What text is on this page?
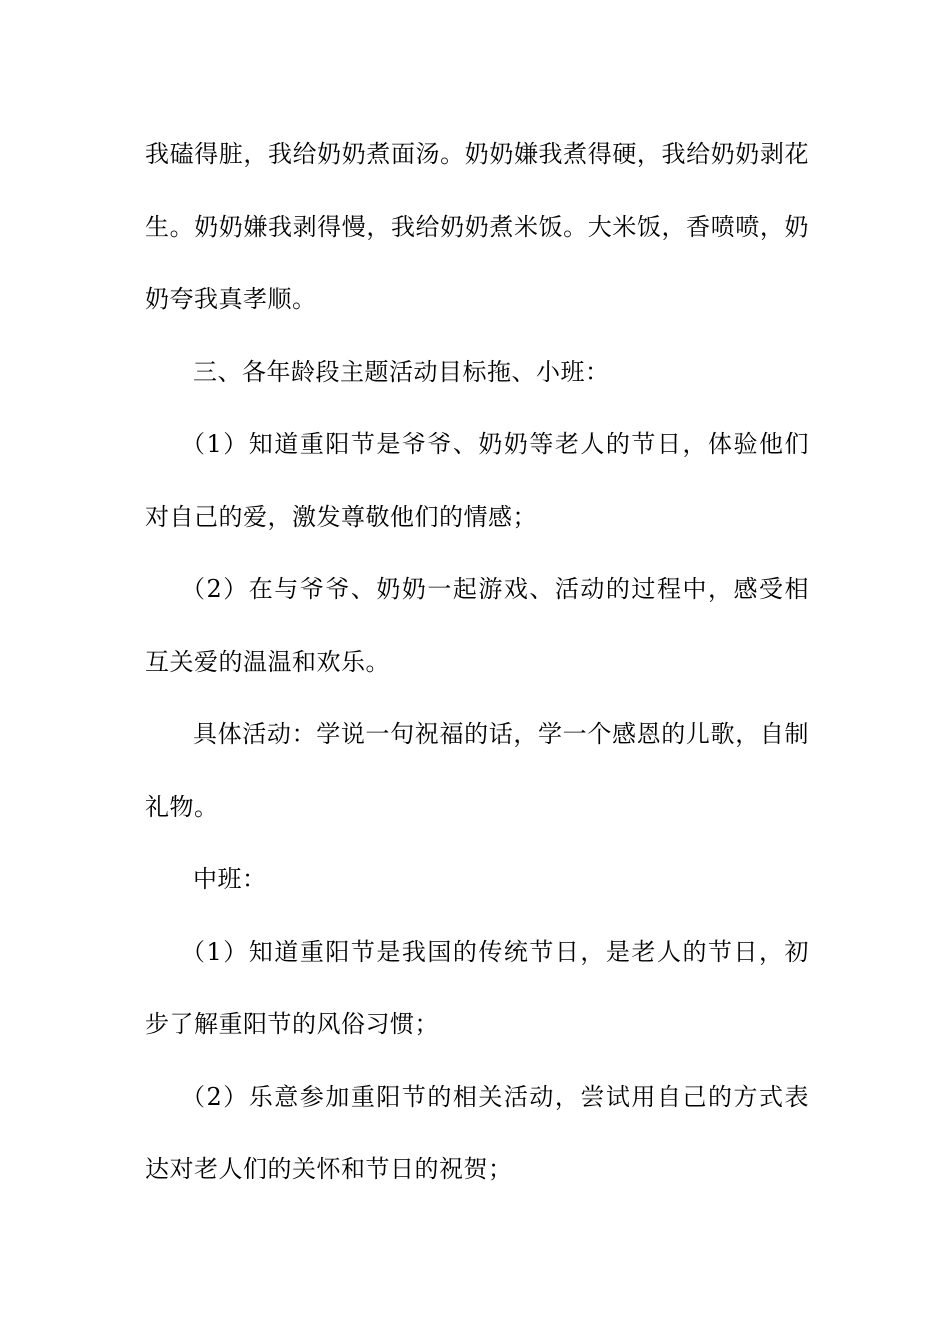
我磕得脏，我给奶奶煮面汤。奶奶嫌我煮得硬，我给奶奶剥花生。奶奶嫌我剥得慢，我给奶奶煮米饭。大米饭，香喷喷，奶奶夸我真孝顺。

三、各年龄段主题活动目标拖、小班：

（1）知道重阳节是爷爷、奶奶等老人的节日，体验他们对自己的爱，激发尊敬他们的情感；

（2）在与爷爷、奶奶一起游戏、活动的过程中，感受相互关爱的温温和欢乐。

具体活动：学说一句祝福的话，学一个感恩的儿歌，自制礼物。

中班：

（1）知道重阳节是我国的传统节日，是老人的节日，初步了解重阳节的风俗习惯；

（2）乐意参加重阳节的相关活动，尝试用自己的方式表达对老人们的关怀和节日的祝贺；
